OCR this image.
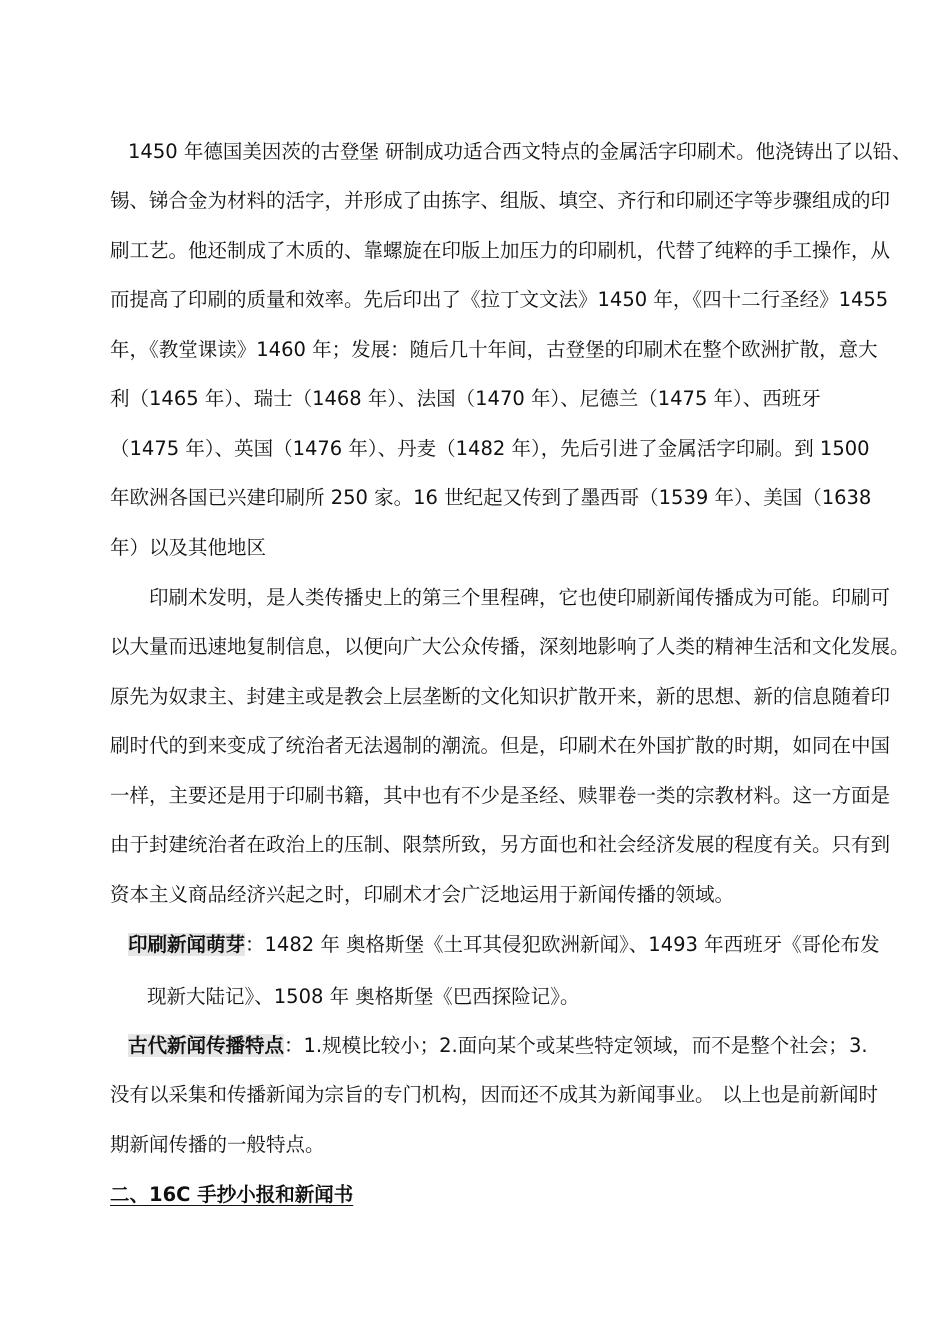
1450 年德国美因茨的古登堡 研制成功适合西文特点的金属活字印刷术。他浇铸出了以铅、
锡、锑合金为材料的活字，并形成了由拣字、组版、填空、齐行和印刷还字等步骤组成的印
刷工艺。他还制成了木质的、靠螺旋在印版上加压力的印刷机，代替了纯粹的手工操作，从
而提高了印刷的质量和效率。先后印出了《拉丁文文法》1450 年，《四十二行圣经》1455
年，《教堂课读》1460 年；发展：随后几十年间，古登堡的印刷术在整个欧洲扩散，意大
利（1465 年）、瑞士（1468 年）、法国（1470 年）、尼德兰（1475 年）、西班牙
（1475 年）、英国（1476 年）、丹麦（1482 年），先后引进了金属活字印刷。到 1500
年欧洲各国已兴建印刷所 250 家。16 世纪起又传到了墨西哥（1539 年）、美国（1638
年）以及其他地区
印刷术发明，是人类传播史上的第三个里程碑，它也使印刷新闻传播成为可能。印刷可
以大量而迅速地复制信息，以便向广大公众传播，深刻地影响了人类的精神生活和文化发展。
原先为奴隶主、封建主或是教会上层垄断的文化知识扩散开来，新的思想、新的信息随着印
刷时代的到来变成了统治者无法遏制的潮流。但是，印刷术在外国扩散的时期，如同在中国
一样，主要还是用于印刷书籍，其中也有不少是圣经、赎罪卷一类的宗教材料。这一方面是
由于封建统治者在政治上的压制、限禁所致，另方面也和社会经济发展的程度有关。只有到
资本主义商品经济兴起之时，印刷术才会广泛地运用于新闻传播的领域。
印刷新闻萌芽：1482 年 奥格斯堡《土耳其侵犯欧洲新闻》、1493 年西班牙《哥伦布发
现新大陆记》、1508 年 奥格斯堡《巴西探险记》。
古代新闻传播特点：1.规模比较小；2.面向某个或某些特定领域，而不是整个社会； 3.
没有以采集和传播新闻为宗旨的专门机构，因而还不成其为新闻事业。 以上也是前新闻时
期新闻传播的一般特点。
二、16C 手抄小报和新闻书
